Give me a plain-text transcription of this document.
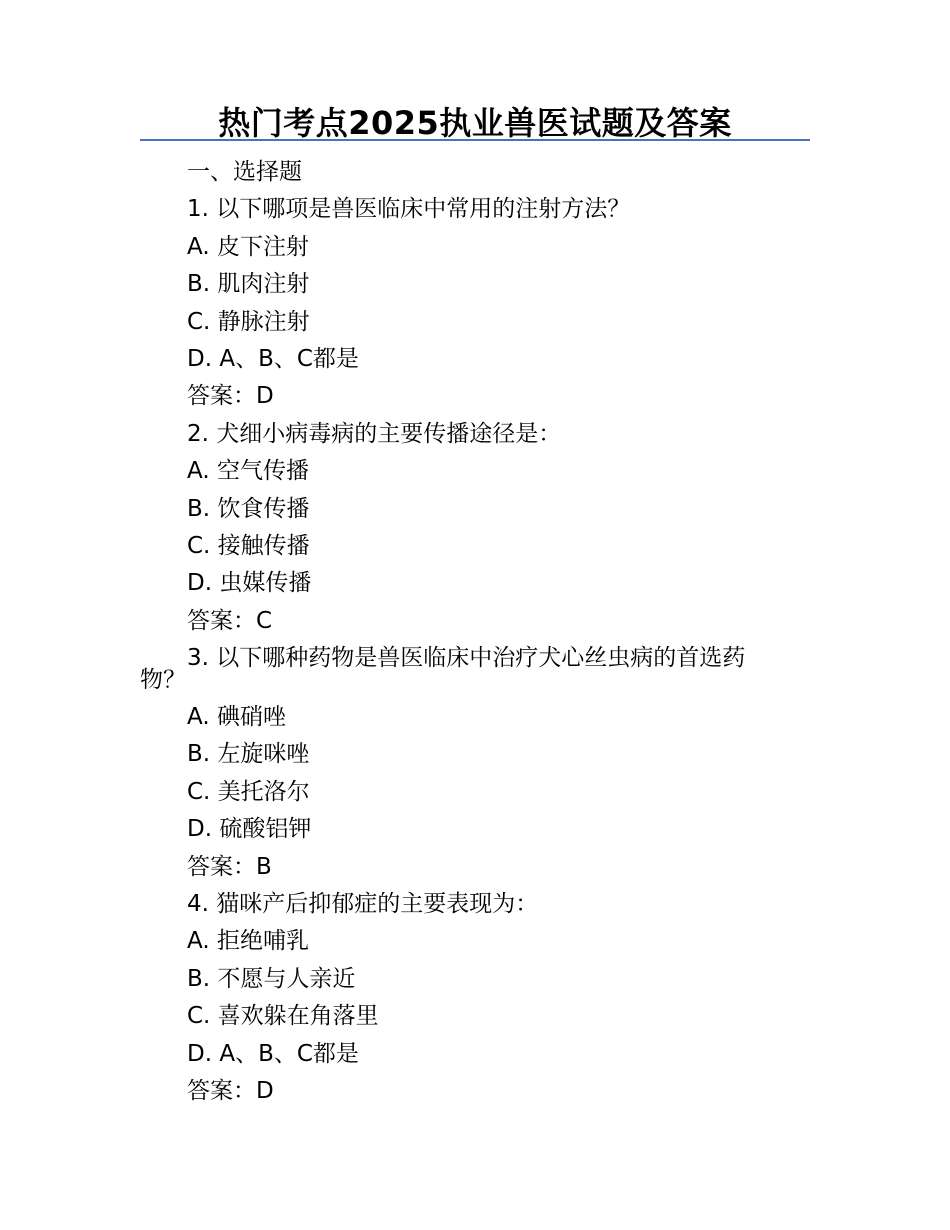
热门考点2025执业兽医试题及答案
一、选择题
1. 以下哪项是兽医临床中常用的注射方法？
A. 皮下注射
B. 肌肉注射
C. 静脉注射
D. A、B、C都是
答案：D
2. 犬细小病毒病的主要传播途径是：
A. 空气传播
B. 饮食传播
C. 接触传播
D. 虫媒传播
答案：C
3. 以下哪种药物是兽医临床中治疗犬心丝虫病的首选药
物？
A. 碘硝唑
B. 左旋咪唑
C. 美托洛尔
D. 硫酸铝钾
答案：B
4. 猫咪产后抑郁症的主要表现为：
A. 拒绝哺乳
B. 不愿与人亲近
C. 喜欢躲在角落里
D. A、B、C都是
答案：D
